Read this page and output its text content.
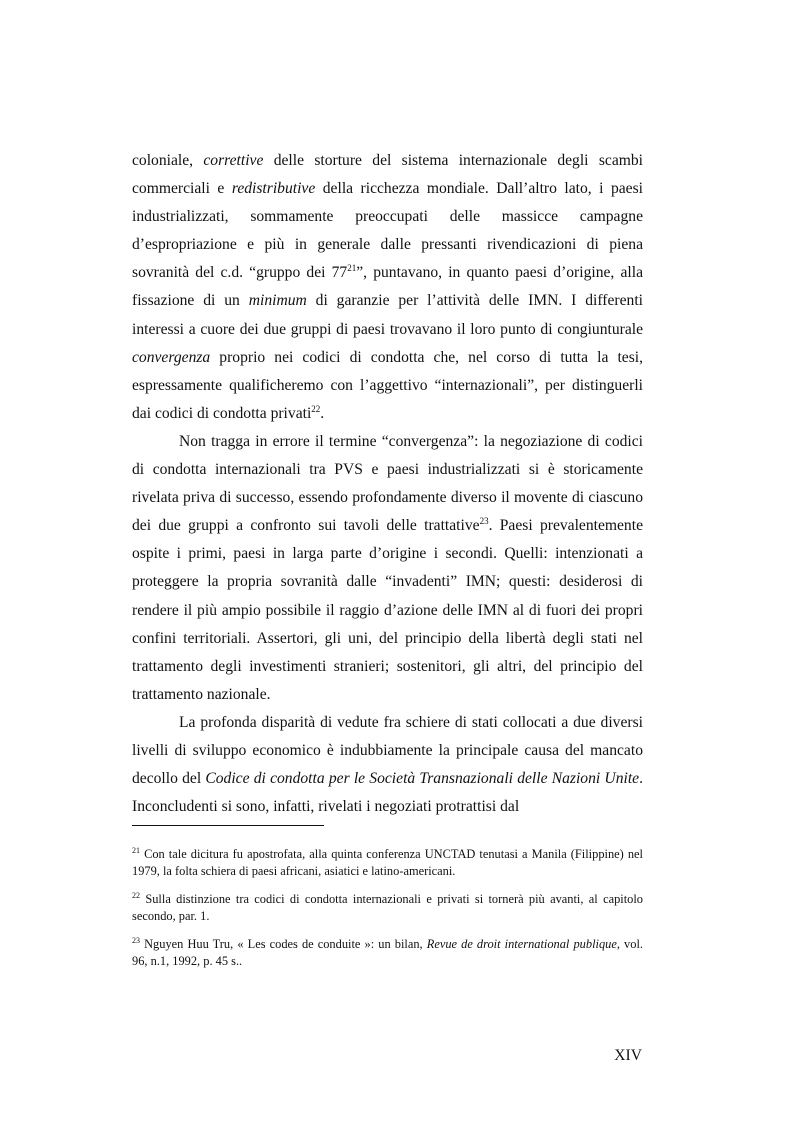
coloniale, correttive delle storture del sistema internazionale degli scambi commerciali e redistributive della ricchezza mondiale. Dall’altro lato, i paesi industrializzati, sommamente preoccupati delle massicce campagne d’espropriazione e più in generale dalle pressanti rivendicazioni di piena sovranità del c.d. “gruppo dei $77^{21}$”, puntavano, in quanto paesi d’origine, alla fissazione di un minimum di garanzie per l’attività delle IMN. I differenti interessi a cuore dei due gruppi di paesi trovavano il loro punto di congiunturale convergenza proprio nei codici di condotta che, nel corso di tutta la tesi, espressamente qualificheremo con l’aggettivo “internazionali”, per distinguerli dai codici di condotta privati$^{22}$.

Non tragga in errore il termine “convergenza”: la negoziazione di codici di condotta internazionali tra PVS e paesi industrializzati si è storicamente rivelata priva di successo, essendo profondamente diverso il movente di ciascuno dei due gruppi a confronto sui tavoli delle trattative$^{23}$. Paesi prevalentemente ospite i primi, paesi in larga parte d’origine i secondi. Quelli: intenzionati a proteggere la propria sovranità dalle “invadenti” IMN; questi: desiderosi di rendere il più ampio possibile il raggio d’azione delle IMN al di fuori dei propri confini territoriali. Assertori, gli uni, del principio della libertà degli stati nel trattamento degli investimenti stranieri; sostenitori, gli altri, del principio del trattamento nazionale.

La profonda disparità di vedute fra schiere di stati collocati a due diversi livelli di sviluppo economico è indubbiamente la principale causa del mancato decollo del Codice di condotta per le Società Transnazionali delle Nazioni Unite. Inconcludenti si sono, infatti, rivelati i negoziati protrattisi dal

$^{21}$ Con tale dicitura fu apostrofata, alla quinta conferenza UNCTAD tenutasi a Manila (Filippine) nel 1979, la folta schiera di paesi africani, asiatici e latino-americani.

$^{22}$ Sulla distinzione tra codici di condotta internazionali e privati si tornerà più avanti, al capitolo secondo, par. 1.

$^{23}$ Nguyen Huu Tru, « Les codes de conduite »: un bilan, Revue de droit international publique, vol. 96, n.1, 1992, p. 45 s..

XIV
